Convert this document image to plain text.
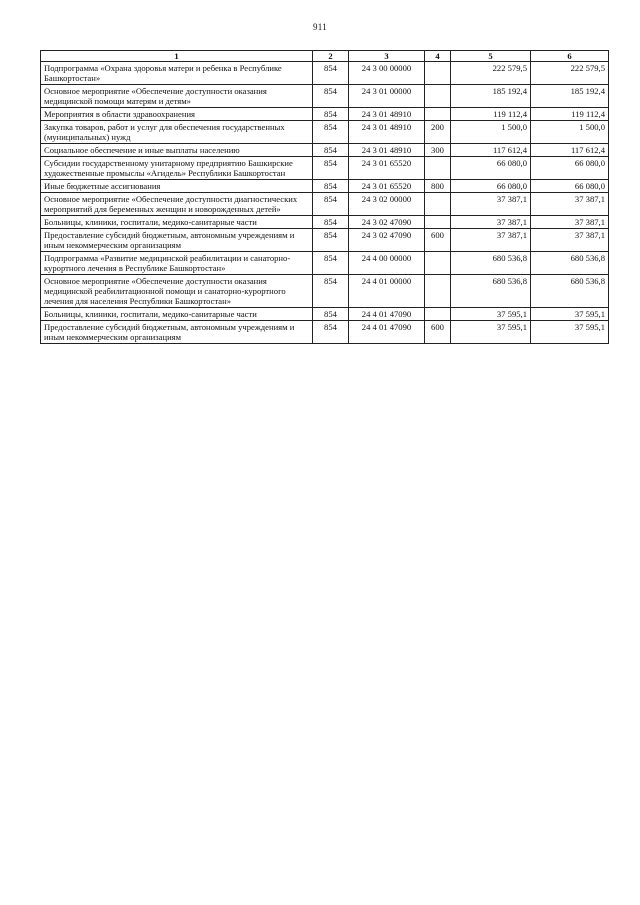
911
1	2	3	4	5	6
Подпрограмма «Охрана здоровья матери и ребенка в Республике Башкортостан»	854	24 3 00 00000		222 579,5	222 579,5
Основное мероприятие «Обеспечение доступности оказания медицинской помощи матерям и детям»	854	24 3 01 00000		185 192,4	185 192,4
Мероприятия в области здравоохранения	854	24 3 01 48910		119 112,4	119 112,4
Закупка товаров, работ и услуг для обеспечения государственных (муниципальных) нужд	854	24 3 01 48910	200	1 500,0	1 500,0
Социальное обеспечение и иные выплаты населению	854	24 3 01 48910	300	117 612,4	117 612,4
Субсидии государственному унитарному предприятию Башкирские художественные промыслы «Агидель» Республики Башкортостан	854	24 3 01 65520		66 080,0	66 080,0
Иные бюджетные ассигнования	854	24 3 01 65520	800	66 080,0	66 080,0
Основное мероприятие «Обеспечение доступности диагностических мероприятий для беременных женщин и новорожденных детей»	854	24 3 02 00000		37 387,1	37 387,1
Больницы, клиники, госпитали, медико-санитарные части	854	24 3 02 47090		37 387,1	37 387,1
Предоставление субсидий бюджетным, автономным учреждениям и иным некоммерческим организациям	854	24 3 02 47090	600	37 387,1	37 387,1
Подпрограмма «Развитие медицинской реабилитации и санаторно-курортного лечения в Республике Башкортостан»	854	24 4 00 00000		680 536,8	680 536,8
Основное мероприятие «Обеспечение доступности оказания медицинской реабилитационной помощи и санаторно-курортного лечения для населения Республики Башкортостан»	854	24 4 01 00000		680 536,8	680 536,8
Больницы, клиники, госпитали, медико-санитарные части	854	24 4 01 47090		37 595,1	37 595,1
Предоставление субсидий бюджетным, автономным учреждениям и иным некоммерческим организациям	854	24 4 01 47090	600	37 595,1	37 595,1
